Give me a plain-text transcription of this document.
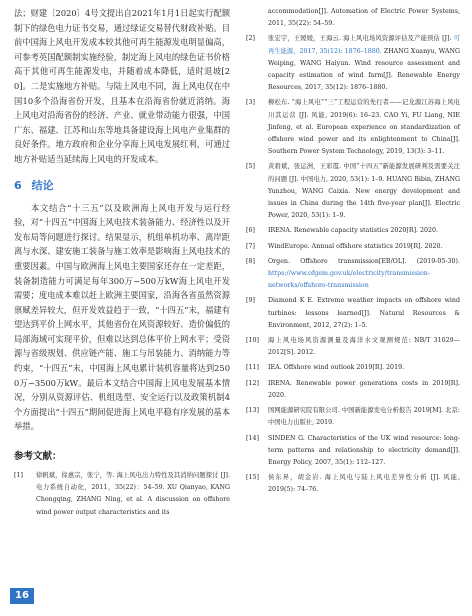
法；财建〔2020〕4号文提出自2021年1月1日起实行配额制下的绿色电力证书交易，通过绿证交易替代财政补贴。目前中国海上风电开发成本较其他可再生能源发电明显偏高，可参考英国配额制实施经验，制定海上风电的绿色证书价格高于其他可再生能源发电，并随着成本降低，适时退坡[20]。二是实施地方补贴。与陆上风电不同，海上风电仅在中国10多个沿海省份开发，且基本在沿海省份就近消纳。海上风电对沿海省份的经济、产业、就业带动能力很强，中国广东、福建、江苏和山东等地具备建设海上风电产业集群的良好条件。地方政府和企业分享海上风电发展红利，可通过地方补贴适当延续海上风电的开发成本。

6 结论

本文结合“十三五”以及欧洲海上风电开发与运行经验，对“十四五”中国海上风电技术装备能力、经济性以及开发布局等问题进行探讨。结果显示，机组单机功率、离岸距离与水深、建安施工装备与施工效率是影响海上风电技术的重要因素。中国与欧洲海上风电主要国家还存在一定差距，装备制造能力可满足每年300万~500万kW海上风电开发需要；度电成本难以赶上欧洲主要国家，沿海各省虽然资源禀赋差异较大，但开发效益趋于一致，“十四五”末，福建有望达到平价上网水平，其他省份在风资源较好、造价偏低的局部海域可实现平价，但难以达到总体平价上网水平；受资源与省级规划、供应链产能、施工与吊装能力、消纳能力等约束，“十四五”末，中国海上风电累计装机容量将达到2500万~3500万kW。最后本文结合中国海上风电发展基本情况，分别从资源评估、机组选型、安全运行以及政策机制4个方面提出“十四五”期间促进海上风电平稳有序发展的基本举措。

参考文献：
[1] 徐帆斌，徐惠宗，张宁，等. 海上风电出力特性及其消纳问题探讨 [J]. 电力系统自动化，2011，35(22)：54–59. XU Qianyao, KANG Chongqing, ZHANG Ning, et al. A discussion on offshore wind power output characteristics and its
accommodation[J]. Automation of Electric Power Systems, 2011, 35(22): 54–59.
[2] 张宏宇，王媛媛，王海云. 海上风电场风资源评估及产能预估 [J]. 可再生能源，2017, 35(12): 1876–1880. ZHANG Xuanyu, WANG Weiping, WANG Haiyun. Wind resource assessment and capacity estimation of wind farm[J]. Renewable Energy Resources, 2017, 35(12): 1876–1880.
[3] 柳松东. “海上风电”“三”工程运营的先行者——记龙源江苏海上风电川其运营 [J]. 风能, 2019(6): 16–23. CAO Yi, FU Liang, NIE Jinfeng, et al. European experience on standardization of offshore wind power and its enlightenment to China[J]. Southern Power System Technology, 2019, 13(3): 3–11.
[5] 黄碧斌，张运洲，王彩霞. 中国“十四五”新能源发展研判及需要关注的问题 [J]. 中国电力, 2020, 53(1): 1–9. HUANG Bibin, ZHANG Yunzhou, WANG Caixia. New energy development and issues in China during the 14th five-year plan[J]. Electric Power, 2020, 53(1): 1–9.
[6] IRENA. Renewable capacity statistics 2020[R]. 2020.
[7] WindEurope. Annual offshore statistics 2019[R]. 2020.
[8] Orgen. Offshore transmission[EB/OL]. (2019-05-30). https://www.ofgem.gov.uk/electricity/transmission-networks/offshore-transmission
[9] Diamond K E. Extreme weather impacts on offshore wind turbines: lessons learned[J]. Natural Resources & Environment, 2012, 27(2): 1–5.
[10] 海上风电场风资源测量及海洋水文观测规范: NB/T 31029—2012[S]. 2012.
[11] IEA. Offshore wind outlook 2019[R]. 2019.
[12] IRENA. Renewable power generations costs in 2019[R]. 2020.
[13] 国网能源研究院有限公司. 中国新能源发电分析报告 2019[M]. 北京: 中国电力出版社, 2019.
[14] SINDEN G. Characteristics of the UK wind resource: long-term patterns and relationship to electricity demand[J]. Energy Policy, 2007, 35(1): 112–127.
[15] 侯东昇，胡金岩. 海上风电与陆上风电差异性分析 [J]. 风能, 2019(5): 74–76.
16
